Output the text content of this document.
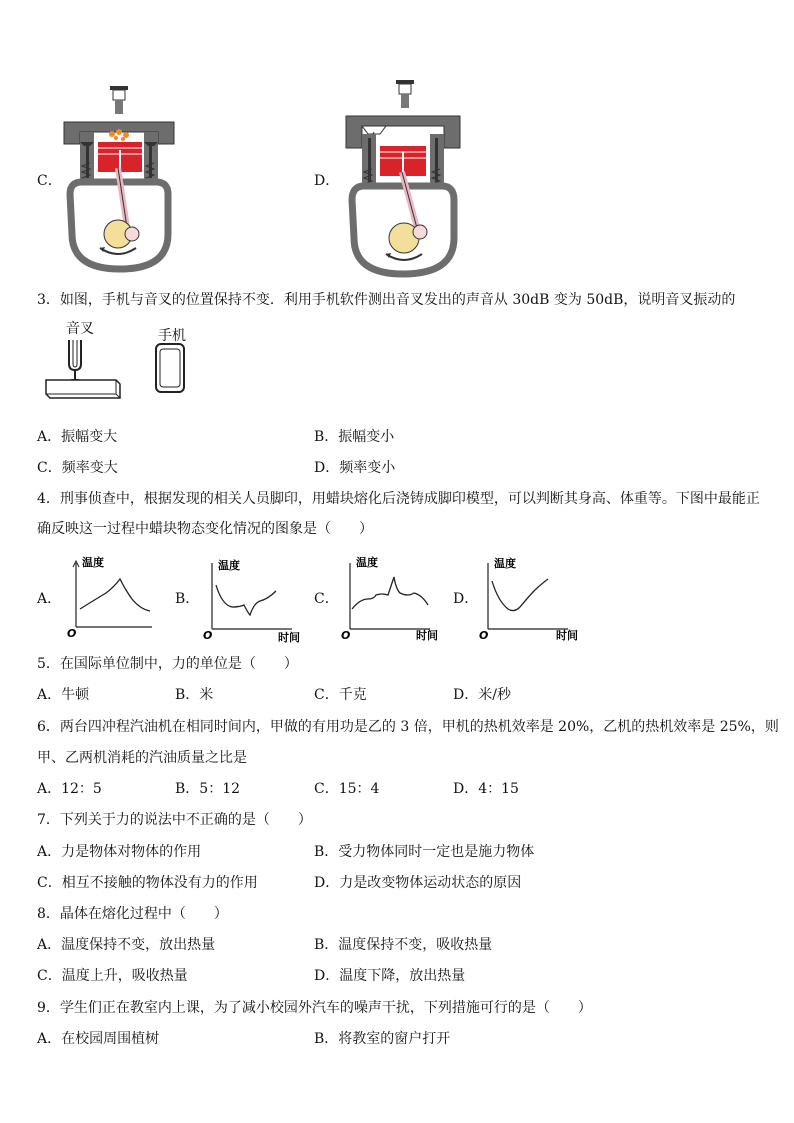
C．	D．
3．如图，手机与音叉的位置保持不变．利用手机软件测出音叉发出的声音从 30dB 变为 50dB，说明音叉振动的
音叉	手机
A．振幅变大	B．振幅变小
C．频率变大	D．频率变小
4．刑事侦查中，根据发现的相关人员脚印，用蜡块熔化后浇铸成脚印模型，可以判断其身高、体重等。下图中最能正
确反映这一过程中蜡块物态变化情况的图象是（　　）
A．
温度
O
B．
温度
O	时间
C．
温度
O	时间
D．
温度
O	时间
5．在国际单位制中，力的单位是（　　）
A．牛顿	B．米	C．千克	D．米/秒
6．两台四冲程汽油机在相同时间内，甲做的有用功是乙的 3 倍，甲机的热机效率是 20%，乙机的热机效率是 25%，则
甲、乙两机消耗的汽油质量之比是
A．12：5	B．5：12	C．15：4	D．4：15
7．下列关于力的说法中不正确的是（　　）
A．力是物体对物体的作用	B．受力物体同时一定也是施力物体
C．相互不接触的物体没有力的作用	D．力是改变物体运动状态的原因
8．晶体在熔化过程中（　　）
A．温度保持不变，放出热量	B．温度保持不变，吸收热量
C．温度上升，吸收热量	D．温度下降，放出热量
9．学生们正在教室内上课，为了减小校园外汽车的噪声干扰，下列措施可行的是（　　）
A．在校园周围植树	B．将教室的窗户打开
